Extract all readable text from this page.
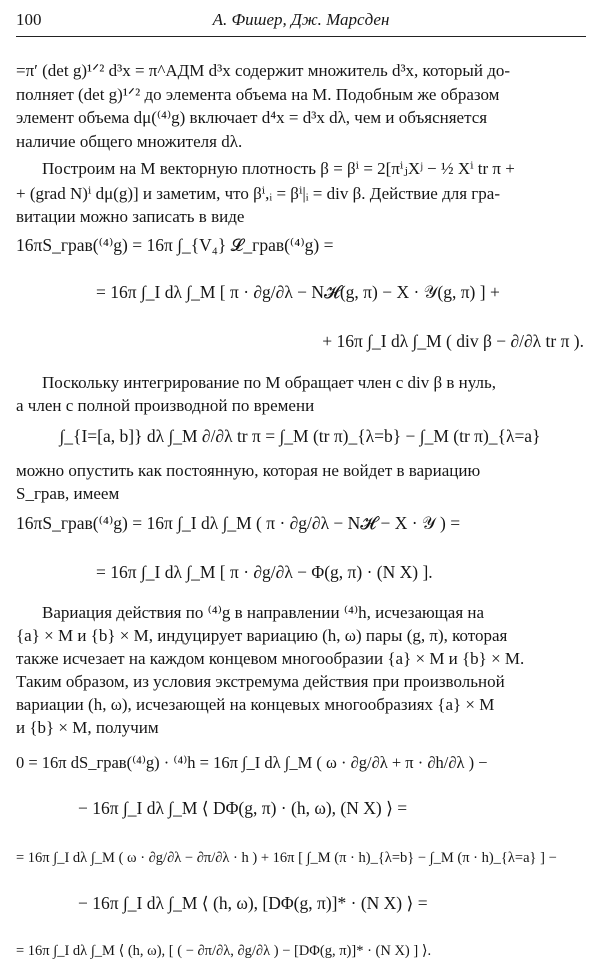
100	А. Фишер, Дж. Марсден
=π′ (det g)¹ᐟ² d³x = π^АДМ d³x содержит множитель d³x, который до-
полняет (det g)¹ᐟ² до элемента объема на M. Подобным же образом
элемент объема dμ(⁽⁴⁾g) включает d⁴x = d³x dλ, чем и объясняется
наличие общего множителя dλ.
Построим на M векторную плотность β = βⁱ = 2[πⁱⱼXʲ − ½ Xⁱ tr π +
+ (grad N)ⁱ dμ(g)] и заметим, что βⁱ,ᵢ = βⁱ|ᵢ = div β. Действие для гра-
витации можно записать в виде
16πS_грав(⁽⁴⁾g) = 16π ∫_{V₄} 𝓛_грав(⁽⁴⁾g) =
= 16π ∫_I dλ ∫_M [ π · ∂g/∂λ − N𝓗(g, π) − X · 𝒴(g, π) ] +
+ 16π ∫_I dλ ∫_M ( div β − ∂/∂λ tr π ).
Поскольку интегрирование по M обращает член с div β в нуль,
а член с полной производной по времени
∫_{I=[a, b]} dλ ∫_M ∂/∂λ tr π = ∫_M (tr π)_{λ=b} − ∫_M (tr π)_{λ=a}
можно опустить как постоянную, которая не войдет в вариацию
S_грав, имеем
16πS_грав(⁽⁴⁾g) = 16π ∫_I dλ ∫_M ( π · ∂g/∂λ − N𝓗 − X · 𝒴 ) =
= 16π ∫_I dλ ∫_M [ π · ∂g/∂λ − Φ(g, π) · (N X) ].
Вариация действия по ⁽⁴⁾g в направлении ⁽⁴⁾h, исчезающая на
{a} × M и {b} × M, индуцирует вариацию (h, ω) пары (g, π), которая
также исчезает на каждом концевом многообразии {a} × M и {b} × M.
Таким образом, из условия экстремума действия при произвольной
вариации (h, ω), исчезающей на концевых многообразиях {a} × M
и {b} × M, получим
0 = 16π dS_грав(⁽⁴⁾g) · ⁽⁴⁾h = 16π ∫_I dλ ∫_M ( ω · ∂g/∂λ + π · ∂h/∂λ ) −
− 16π ∫_I dλ ∫_M ⟨ DΦ(g, π) · (h, ω), (N X) ⟩ =
= 16π ∫_I dλ ∫_M ( ω · ∂g/∂λ − ∂π/∂λ · h ) + 16π [ ∫_M (π · h)_{λ=b} − ∫_M (π · h)_{λ=a} ] −
− 16π ∫_I dλ ∫_M ⟨ (h, ω), [DΦ(g, π)]* · (N X) ⟩ =
= 16π ∫_I dλ ∫_M ⟨ (h, ω), [ ( − ∂π/∂λ, ∂g/∂λ ) − [DΦ(g, π)]* · (N X) ] ⟩.
